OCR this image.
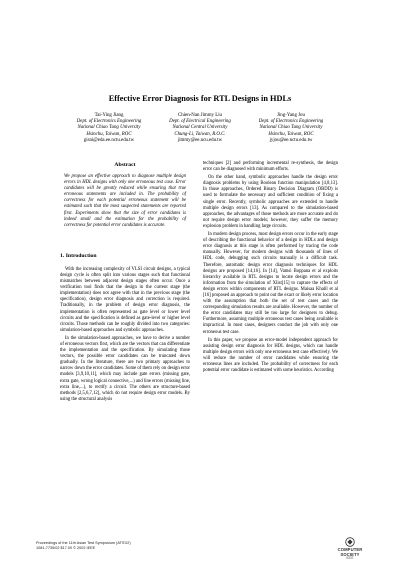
Effective Error Diagnosis for RTL Designs in HDLs
Tai-Ying Jiang
Dept. of Electronics Engineering
National Chiao Tung University
Hsinchu, Taiwan, ROC
gisni@eda.ee.nctu.edu.tw
Chien-Nan Jimmy Liu
Dept. of Electrical Engineering
National Central University
Chung-Li, Taiwan, R.O.C.
jimmy@ee.ncu.edu.tw
Jing-Yang Jou
Dept. of Electronics Engineering
National Chiao Tung University
Hsinchu, Taiwan, ROC
jyjou@ee.nctu.edu.tw
Abstract

We propose an effective approach to diagnose multiple design errors in HDL designs with only one erroneous test case. Error candidates will be greatly reduced while ensuring that true erroneous statements are included in. The probability of correctness for each potential erroneous statement will be estimated such that the most suspected statements are reported first. Experiments show that the size of error candidates is indeed small and the estimation for the probability of correctness for potential error candidates is accurate.

1. Introduction

With the increasing complexity of VLSI circuit designs, a typical design cycle is often split into various stages such that functional mismatches between adjacent design stages often occur. Once a verification tool finds that the design in the current stage (the implementation) does not agree with that in the previous stage (the specification), design error diagnosis and correction is required. Traditionally, in the problem of design error diagnosis, the implementation is often represented as gate level or lower level circuits and the specification is defined as gate-level or higher level circuits. Those methods can be roughly divided into two categories: simulation-based approaches and symbolic approaches.

In the simulation-based approaches, we have to derive a number of erroneous vectors first, which are the vectors that can differentiate the implementation and the specification. By simulating those vectors, the possible error candidates can be truncated down gradually. In the literature, there are two primary approaches to narrow down the error candidates. Some of them rely on design error models [3,9,10,11], which may include gate errors (missing gate, extra gate, wrong logical connective,...) and line errors (missing line, extra line,...), to rectify a circuit. The others are structure-based methods [2,5,6,7,12], which do not require design error models. By using the structural analysis

techniques [2] and performing incremental re-synthesis, the design error can be diagnosed with minimum efforts.

On the other hand, symbolic approaches handle the design error diagnosis problems by using Boolean function manipulation [4,8,13]. In those approaches, Ordered Binary Decision Diagram (OBDD) is used to formulate the necessary and sufficient condition of fixing a single error. Recently, symbolic approaches are extended to handle multiple design errors [13]. As compared to the simulation-based approaches, the advantages of those methods are more accurate and do not require design error models; however, they suffer the memory explosion problem in handling large circuits.

In modern design process, most design errors occur in the early stage of describing the functional behavior of a design in HDLs and design error diagnosis at this stage is often performed by tracing the code manually. However, for modern designs with thousands of lines of HDL code, debugging such circuits manually is a difficult task. Therefore, automatic design error diagnosis techniques for HDL designs are proposed [14,16]. In [14], Vamsi Boppana et al exploits hierarchy available in RTL designs to locate design errors and the information from the simulation of Xlist[15] to capture the effects of design errors within components of RTL designs. Maisaa Khalil et al [16] proposed an approach to point out the exact or likely error location with the assumption that both the set of test cases and the corresponding simulation results are available. However, the number of the error candidates may still be too large for designers to debug. Furthermore, assuming multiple erroneous test cases being available is impractical. In most cases, designers conduct the job with only one erroneous test case.

In this paper, we propose an error-model independent approach for assisting design error diagnosis for HDL designs, which can handle multiple design errors with only one erroneous test case effectively. We will reduce the number of error candidates while ensuring the erroneous lines are included. The probability of correctness for each potential error candidate is estimated with some heuristics. According

Proceedings of the 11th Asian Test Symposium (ATS'02)
1081-7735/02 $17.00 © 2002 IEEE	COMPUTER
SOCIETY
IEEE
